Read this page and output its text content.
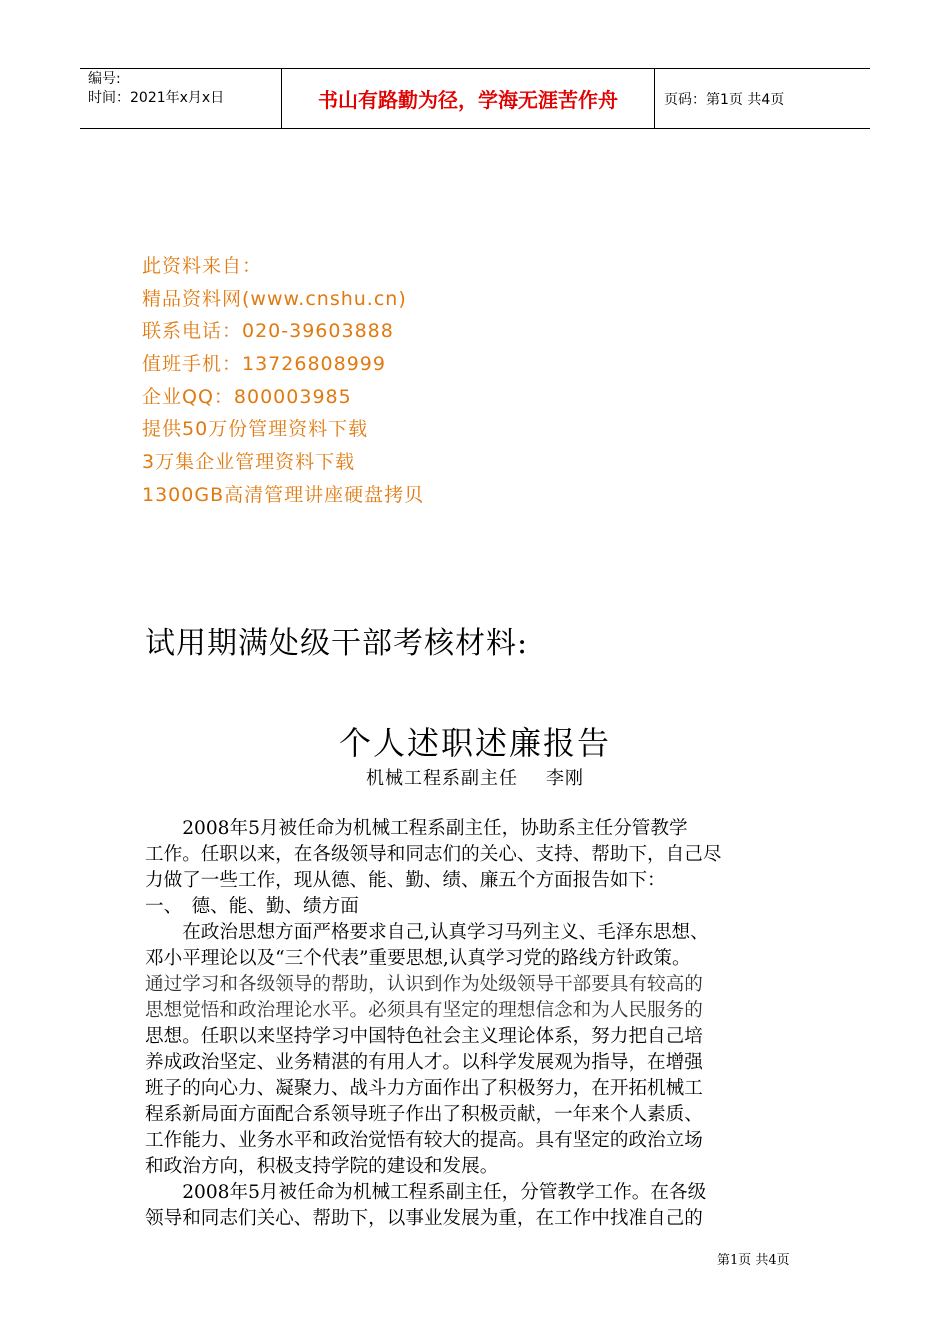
编号:
时间：2021年x月x日	书山有路勤为径，学海无涯苦作舟	页码：第1页 共4页
此资料来自：
精品资料网(www.cnshu.cn)
联系电话：020-39603888
值班手机：13726808999
企业QQ：800003985
提供50万份管理资料下载
3万集企业管理资料下载
1300GB高清管理讲座硬盘拷贝
试用期满处级干部考核材料:
个人述职述廉报告
机械工程系副主任 李刚

2008年5月被任命为机械工程系副主任，协助系主任分管教学

工作。任职以来，在各级领导和同志们的关心、支持、帮助下，自己尽

力做了一些工作，现从德、能、勤、绩、廉五个方面报告如下：

一、　德、能、勤、绩方面

在政治思想方面严格要求自己,认真学习马列主义、毛泽东思想、

邓小平理论以及“三个代表”重要思想,认真学习党的路线方针政策。

通过学习和各级领导的帮助，认识到作为处级领导干部要具有较高的

思想觉悟和政治理论水平。必须具有坚定的理想信念和为人民服务的

思想。任职以来坚持学习中国特色社会主义理论体系，努力把自己培

养成政治坚定、业务精湛的有用人才。以科学发展观为指导，在增强

班子的向心力、凝聚力、战斗力方面作出了积极努力，在开拓机械工

程系新局面方面配合系领导班子作出了积极贡献，一年来个人素质、

工作能力、业务水平和政治觉悟有较大的提高。具有坚定的政治立场

和政治方向，积极支持学院的建设和发展。

2008年5月被任命为机械工程系副主任，分管教学工作。在各级

领导和同志们关心、帮助下，以事业发展为重，在工作中找准自己的

第1页 共4页
